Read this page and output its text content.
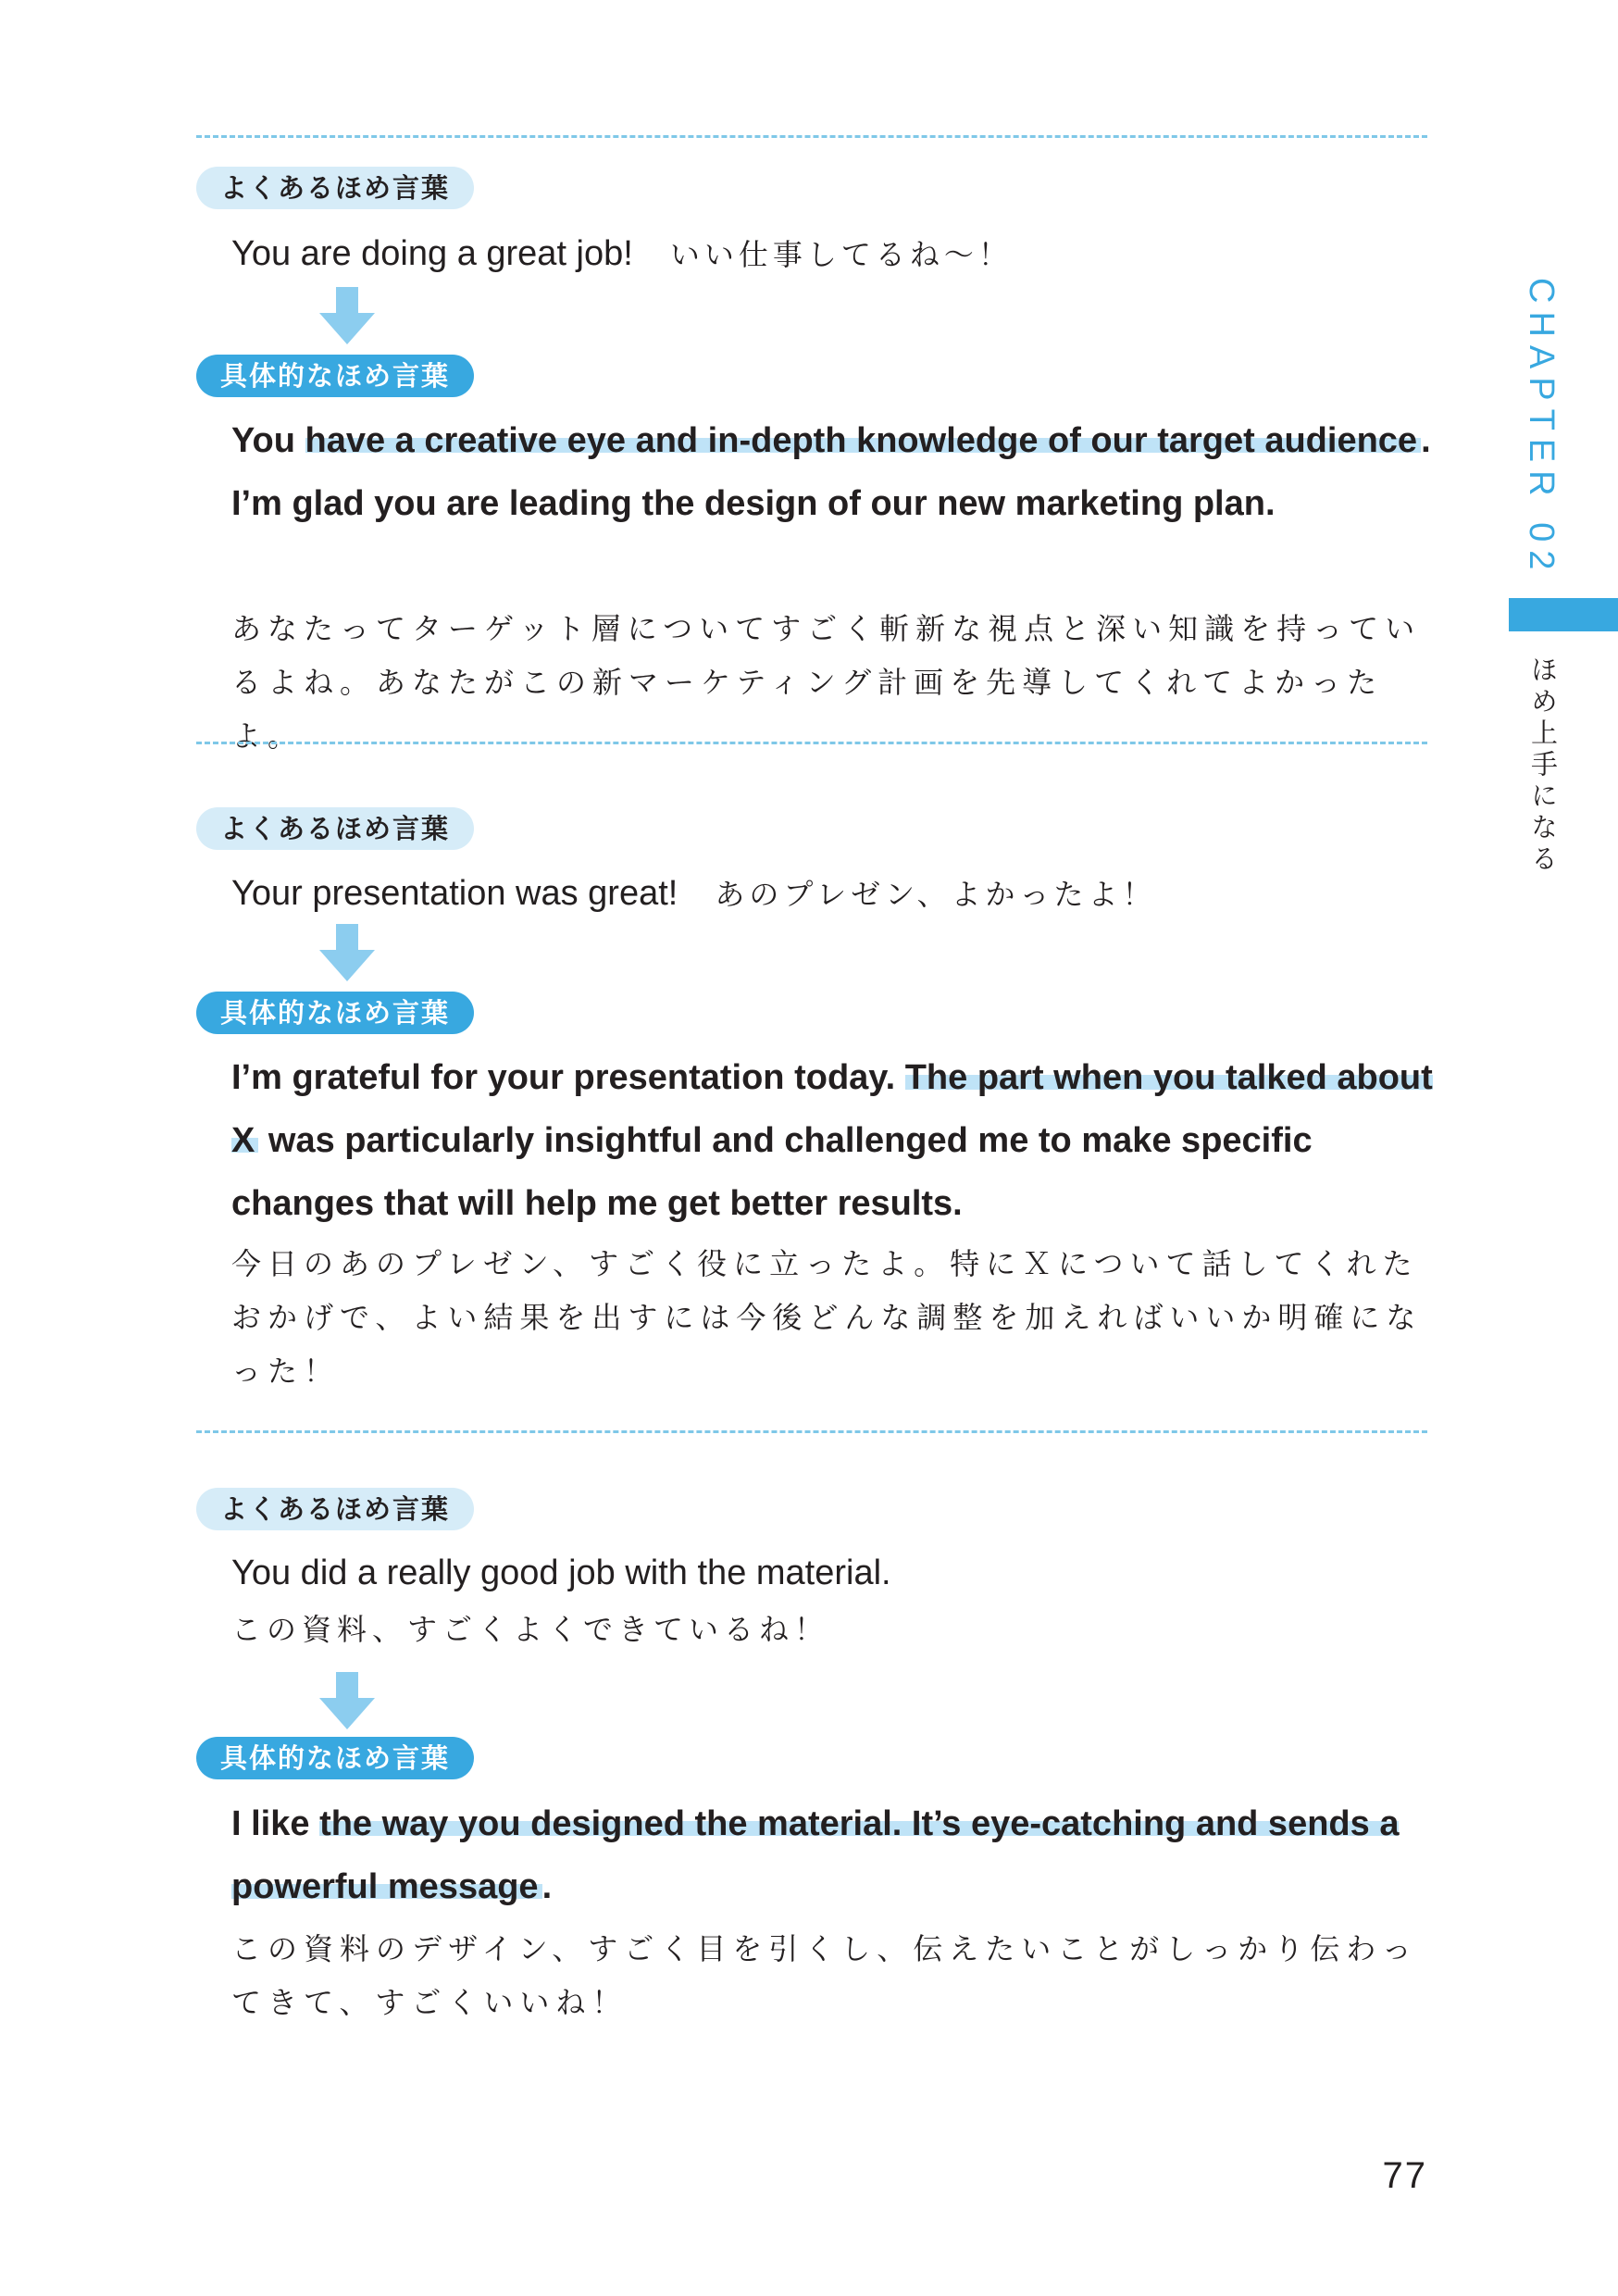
よくあるほめ言葉
You are doing a great job! いい仕事してるね～！
具体的なほめ言葉
You have a creative eye and in-depth knowledge of our target audience . I’m glad you are leading the design of our new marketing plan.
あなたってターゲット層についてすごく斬新な視点と深い知識を持っているよね。あなたがこの新マーケティング計画を先導してくれてよかったよ。
よくあるほめ言葉
Your presentation was great! あのプレゼン、よかったよ！
具体的なほめ言葉
I’m grateful for your presentation today. The part when you talked about X was particularly insightful and challenged me to make specific changes that will help me get better results.
今日のあのプレゼン、すごく役に立ったよ。特にＸについて話してくれたおかげで、よい結果を出すには今後どんな調整を加えればいいか明確になった！
よくあるほめ言葉
You did a really good job with the material.
この資料、すごくよくできているね！
具体的なほめ言葉
I like the way you designed the material. It’s eye-catching and sends a powerful message .
この資料のデザイン、すごく目を引くし、伝えたいことがしっかり伝わってきて、すごくいいね！
CHAPTER 02
ほめ上手になる
77
